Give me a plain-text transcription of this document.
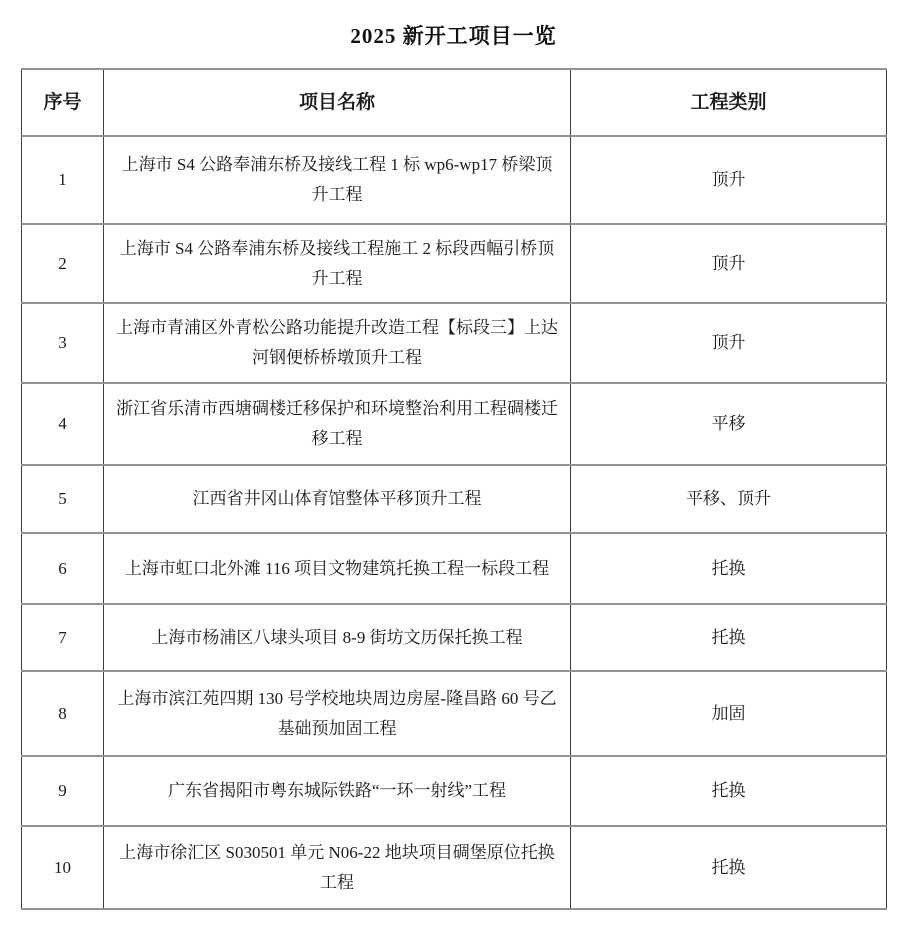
2025 新开工项目一览
序号	项目名称	工程类别
1	上海市 S4 公路奉浦东桥及接线工程 1 标 wp6-wp17 桥梁顶升工程	顶升
2	上海市 S4 公路奉浦东桥及接线工程施工 2 标段西幅引桥顶升工程	顶升
3	上海市青浦区外青松公路功能提升改造工程【标段三】上达河钢便桥桥墩顶升工程	顶升
4	浙江省乐清市西塘碉楼迁移保护和环境整治利用工程碉楼迁移工程	平移
5	江西省井冈山体育馆整体平移顶升工程	平移、顶升
6	上海市虹口北外滩 116 项目文物建筑托换工程一标段工程	托换
7	上海市杨浦区八埭头项目 8-9 街坊文历保托换工程	托换
8	上海市滨江苑四期 130 号学校地块周边房屋-隆昌路 60 号乙基础预加固工程	加固
9	广东省揭阳市粤东城际铁路“一环一射线”工程	托换
10	上海市徐汇区 S030501 单元 N06-22 地块项目碉堡原位托换工程	托换
